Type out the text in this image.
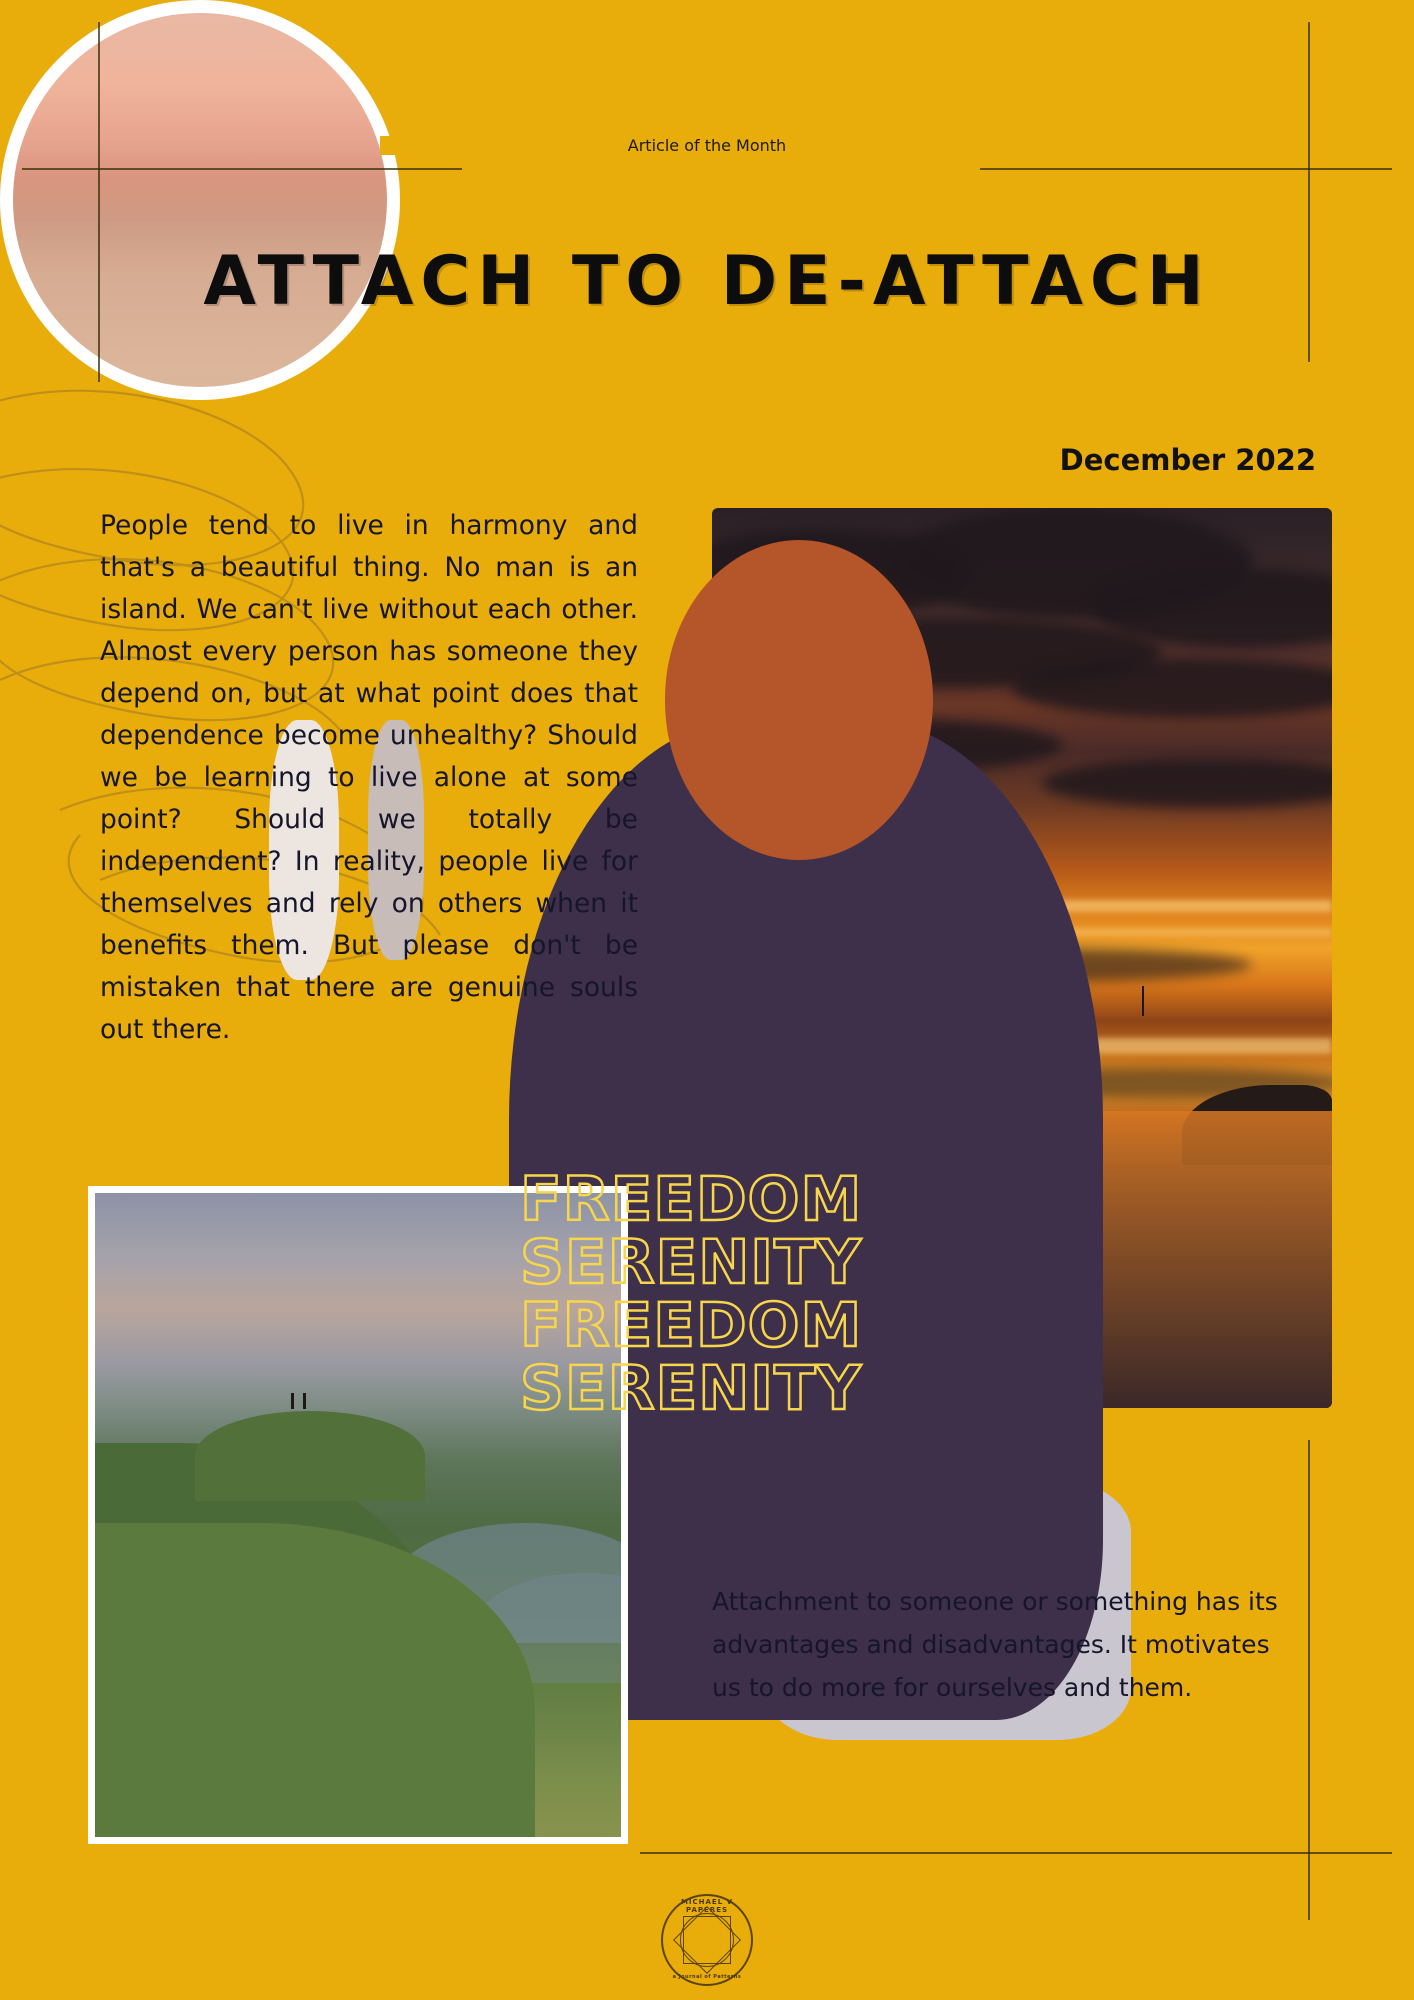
Article of the Month
ATTACH TO DE-ATTACH
December 2022
People tend to live in harmony and that's a beautiful thing. No man is an island. We can't live without each other. Almost every person has someone they depend on, but at what point does that dependence become unhealthy? Should we be learning to live alone at some point? Should we totally be independent? In reality, people live for themselves and rely on others when it benefits them. But please don't be mistaken that there are genuine souls out there.
Attachment to someone or something has its advantages and disadvantages. It motivates us to do more for ourselves and them.
MICHAEL V PAPERES
a Journal of Patterns
